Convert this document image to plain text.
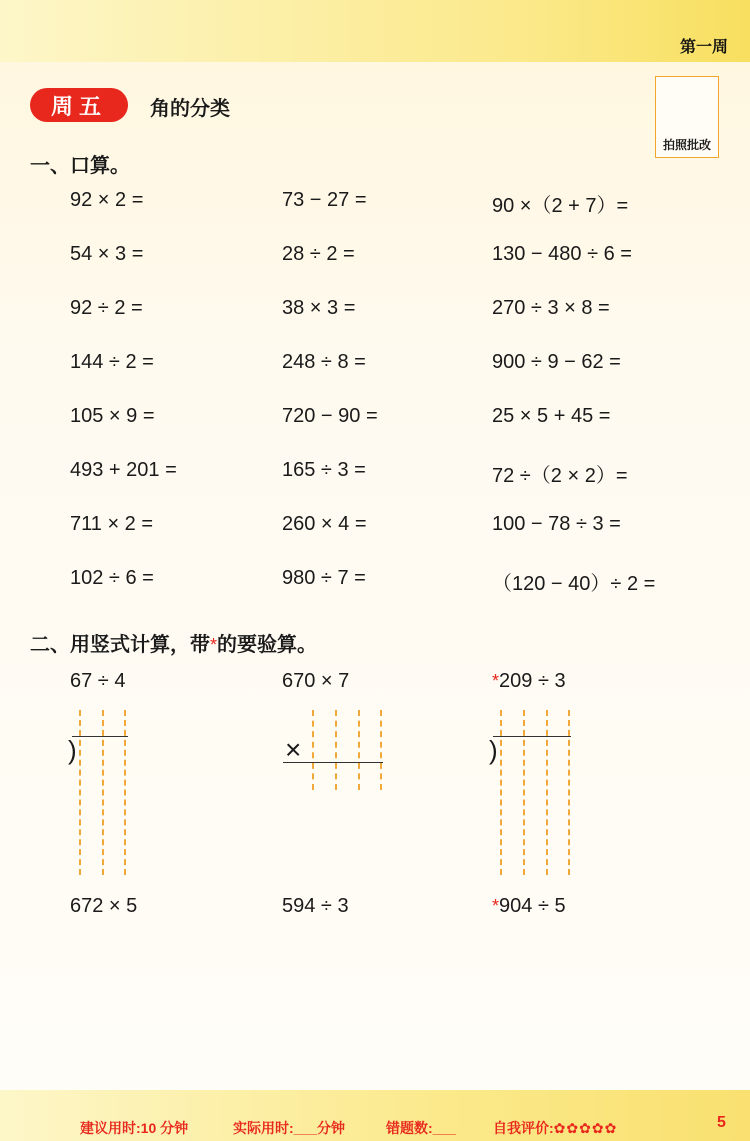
第一周
周五	角的分类
拍照批改
一、口算。
92 × 2 =	73 − 27 =	90 ×（2 + 7）=
54 × 3 =	28 ÷ 2 =	130 − 480 ÷ 6 =
92 ÷ 2 =	38 × 3 =	270 ÷ 3 × 8 =
144 ÷ 2 =	248 ÷ 8 =	900 ÷ 9 − 62 =
105 × 9 =	720 − 90 =	25 × 5 + 45 =
493 + 201 =	165 ÷ 3 =	72 ÷（2 × 2）=
711 × 2 =	260 × 4 =	100 − 78 ÷ 3 =
102 ÷ 6 =	980 ÷ 7 =	（120 − 40）÷ 2 =
二、用竖式计算，带*的要验算。
67 ÷ 4	670 × 7	*209 ÷ 3
)	×	)
672 × 5	594 ÷ 3	*904 ÷ 5
建议用时:10 分钟	实际用时:___分钟	错题数:___	自我评价:✿✿✿✿✿	5
